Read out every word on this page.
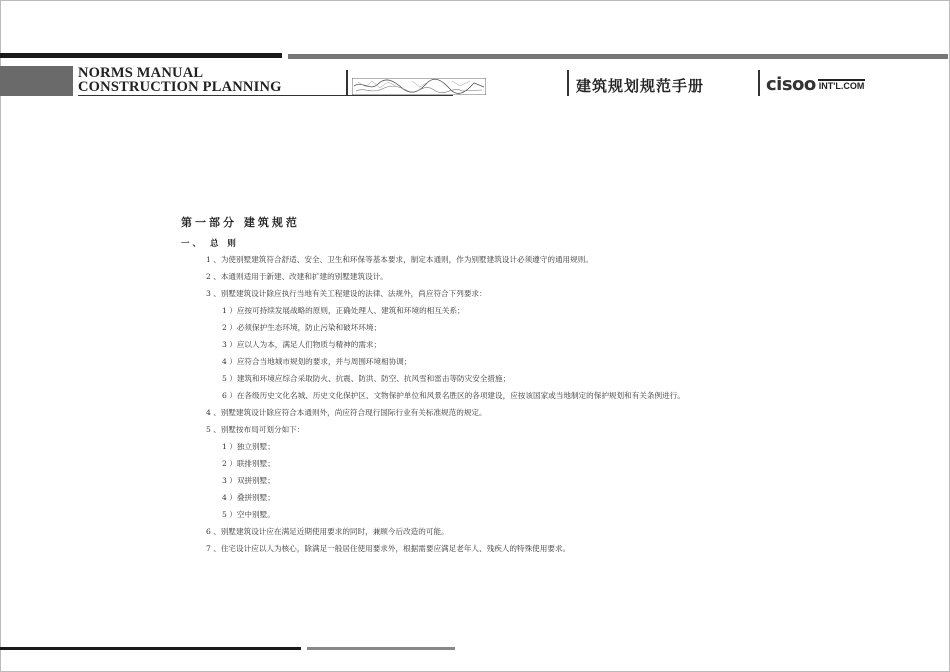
NORMS MANUAL
CONSTRUCTION PLANNING	建筑规划规范手册	cisoo INT'L.COM
第一部分 建筑规范
一、 总 则
1 、为使别墅建筑符合舒适、安全、卫生和环保等基本要求，制定本通则，作为别墅建筑设计必须遵守的通用规则。
2 、本通则适用于新建、改建和扩建的别墅建筑设计。
3 、别墅建筑设计除应执行当地有关工程建设的法律、法规外，尚应符合下列要求：
1 ）应按可持续发展战略的原则，正确处理人、建筑和环境的相互关系；
2 ）必须保护生态环境，防止污染和破坏环境；
3 ）应以人为本，满足人们物质与精神的需求；
4 ）应符合当地城市规划的要求，并与周围环境相协调；
5 ）建筑和环境应综合采取防火、抗震、防洪、防空、抗风雪和雷击等防灾安全措施；
6 ）在各级历史文化名城、历史文化保护区、文物保护单位和风景名胜区的各项建设，应按该国家或当地制定的保护规划和有关条例进行。
4 、别墅建筑设计除应符合本通则外，尚应符合现行国际行业有关标准规范的规定。
5 、别墅按布局可划分如下：
1 ）独立别墅；
2 ）联排别墅；
3 ）双拼别墅；
4 ）叠拼别墅；
5 ）空中别墅。
6 、别墅建筑设计应在满足近期使用要求的同时，兼顾今后改造的可能。
7 、住宅设计应以人为核心，除满足一般居住使用要求外，根据需要应满足老年人、残疾人的特殊使用要求。
